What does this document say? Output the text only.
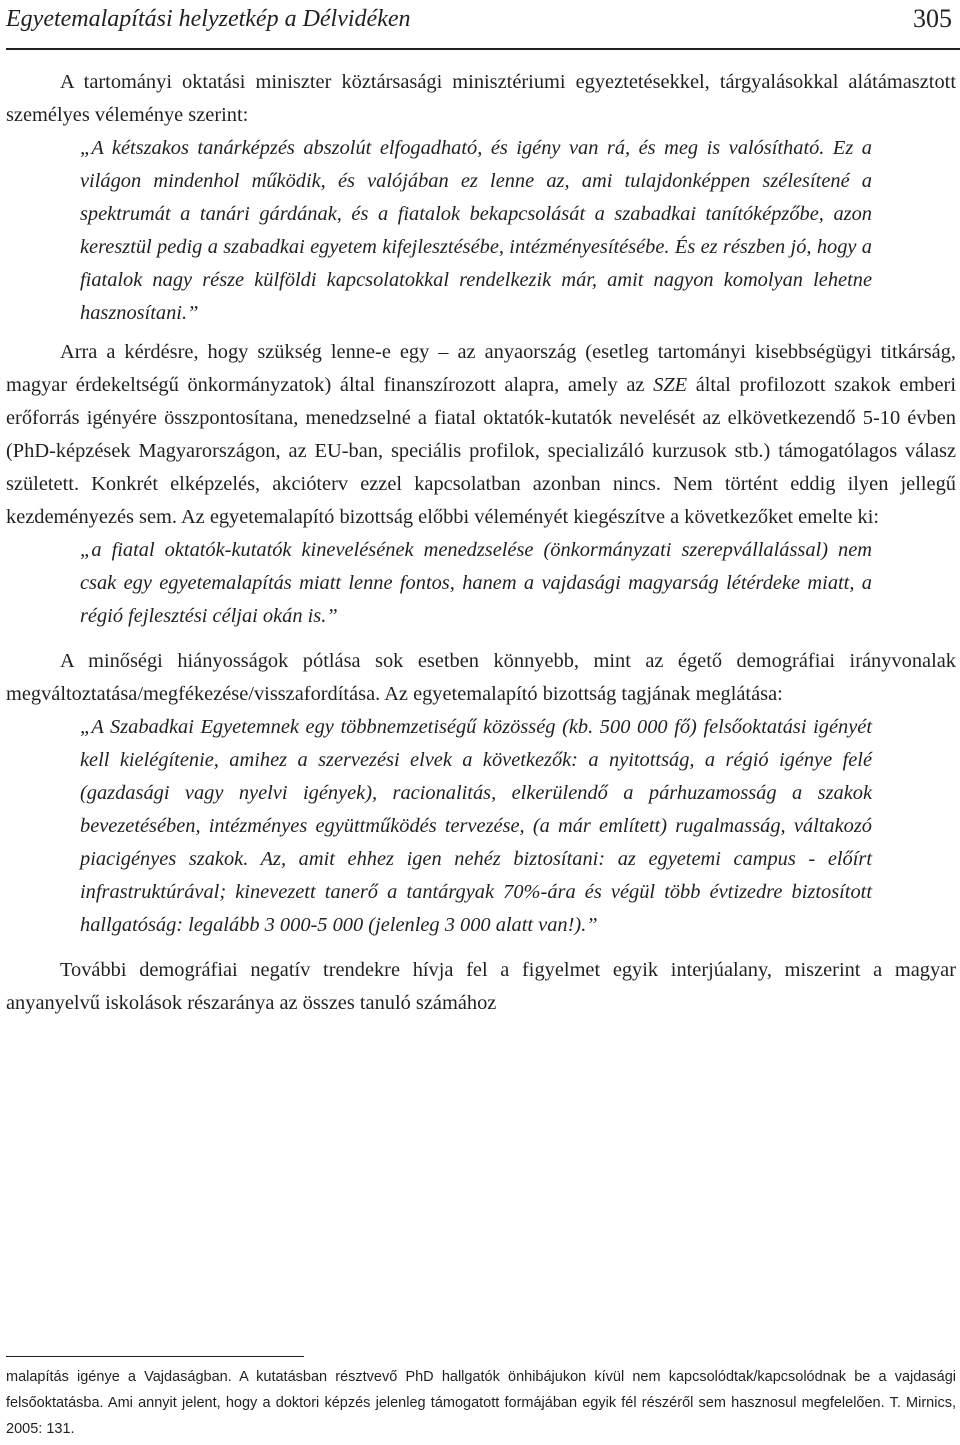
Egyetemalapítási helyzetkép a Délvidéken	305

A tartományi oktatási miniszter köztársasági minisztériumi egyeztetésekkel, tárgyalásokkal alátámasztott személyes véleménye szerint:

„A kétszakos tanárképzés abszolút elfogadható, és igény van rá, és meg is valósítható. Ez a világon mindenhol működik, és valójában ez lenne az, ami tulajdonképpen szélesítené a spektrumát a tanári gárdának, és a fiatalok bekapcsolását a szabadkai tanítóképzőbe, azon keresztül pedig a szabadkai egyetem kifejlesztésébe, intézményesítésébe. És ez részben jó, hogy a fiatalok nagy része külföldi kapcsolatokkal rendelkezik már, amit nagyon komolyan lehetne hasznosítani.”

Arra a kérdésre, hogy szükség lenne-e egy – az anyaország (esetleg tartományi kisebbségügyi titkárság, magyar érdekeltségű önkormányzatok) által finanszírozott alapra, amely az SZE által profilozott szakok emberi erőforrás igényére összpontosítana, menedzselné a fiatal oktatók-kutatók nevelését az elkövetkezendő 5-10 évben (PhD-képzések Magyarországon, az EU-ban, speciális profilok, specializáló kurzusok stb.) támogatólagos válasz született. Konkrét elképzelés, akcióterv ezzel kapcsolatban azonban nincs. Nem történt eddig ilyen jellegű kezdeményezés sem. Az egyetemalapító bizottság előbbi véleményét kiegészítve a következőket emelte ki:

„a fiatal oktatók-kutatók kinevelésének menedzselése (önkormányzati szerepvállalással) nem csak egy egyetemalapítás miatt lenne fontos, hanem a vajdasági magyarság létérdeke miatt, a régió fejlesztési céljai okán is.”

A minőségi hiányosságok pótlása sok esetben könnyebb, mint az égető demográfiai irányvonalak megváltoztatása/megfékezése/visszafordítása. Az egyetemalapító bizottság tagjának meglátása:

„A Szabadkai Egyetemnek egy többnemzetiségű közösség (kb. 500 000 fő) felsőoktatási igényét kell kielégítenie, amihez a szervezési elvek a következők: a nyitottság, a régió igénye felé (gazdasági vagy nyelvi igények), racionalitás, elkerülendő a párhuzamosság a szakok bevezetésében, intézményes együttműködés tervezése, (a már említett) rugalmasság, váltakozó piacigényes szakok. Az, amit ehhez igen nehéz biztosítani: az egyetemi campus - előírt infrastruktúrával; kinevezett tanerő a tantárgyak 70%-ára és végül több évtizedre biztosított hallgatóság: legalább 3 000-5 000 (jelenleg 3 000 alatt van!).”

További demográfiai negatív trendekre hívja fel a figyelmet egyik interjúalany, miszerint a magyar anyanyelvű iskolások részaránya az összes tanuló számához

malapítás igénye a Vajdaságban. A kutatásban résztvevő PhD hallgatók önhibájukon kívül nem kapcsolódtak/kapcsolódnak be a vajdasági felsőoktatásba. Ami annyit jelent, hogy a doktori képzés jelenleg támogatott formájában egyik fél részéről sem hasznosul megfelelően. T. Mirnics, 2005: 131.
